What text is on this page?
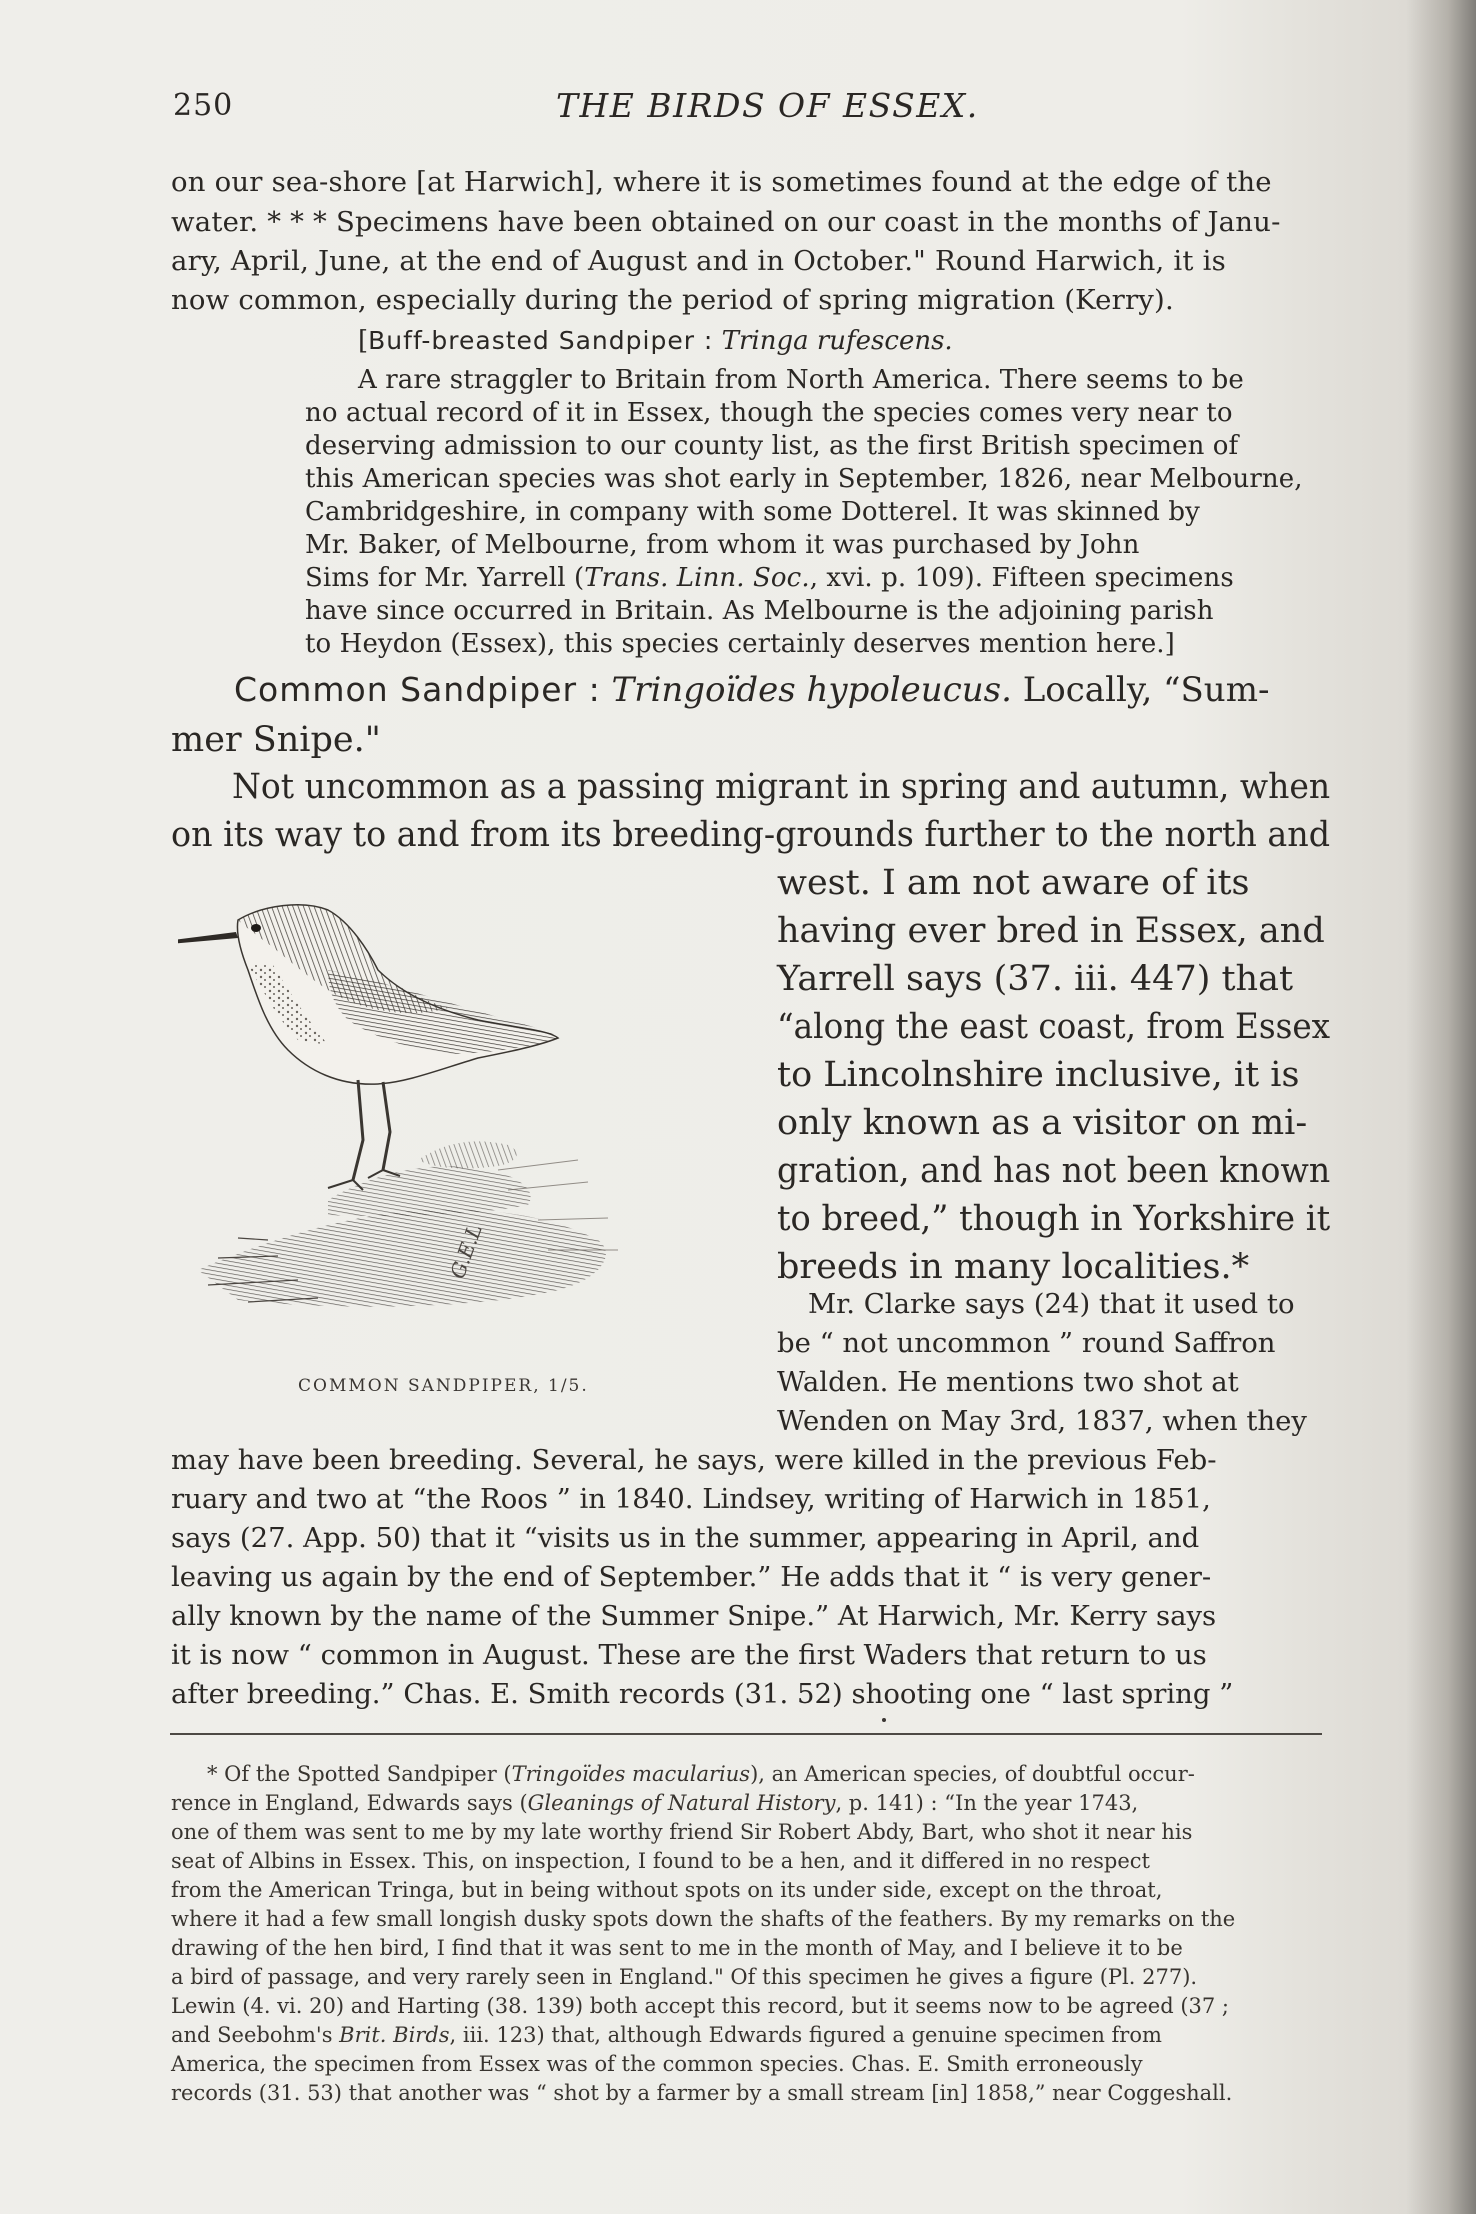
250	THE BIRDS OF ESSEX.
on our sea-shore [at Harwich], where it is sometimes found at the edge of the
water. * * * Specimens have been obtained on our coast in the months of Janu-
ary, April, June, at the end of August and in October." Round Harwich, it is
now common, especially during the period of spring migration (Kerry).
[Buff-breasted Sandpiper : Tringa rufescens.
A rare straggler to Britain from North America. There seems to be
no actual record of it in Essex, though the species comes very near to
deserving admission to our county list, as the first British specimen of
this American species was shot early in September, 1826, near Melbourne,
Cambridgeshire, in company with some Dotterel. It was skinned by
Mr. Baker, of Melbourne, from whom it was purchased by John
Sims for Mr. Yarrell (Trans. Linn. Soc., xvi. p. 109). Fifteen specimens
have since occurred in Britain. As Melbourne is the adjoining parish
to Heydon (Essex), this species certainly deserves mention here.]
Common Sandpiper : Tringoïdes hypoleucus. Locally, “Sum-
mer Snipe."
Not uncommon as a passing migrant in spring and autumn, when
on its way to and from its breeding-grounds further to the north and
west. I am not aware of its
having ever bred in Essex, and
Yarrell says (37. iii. 447) that
“along the east coast, from Essex
to Lincolnshire inclusive, it is
only known as a visitor on mi-
gration, and has not been known
to breed,” though in Yorkshire it
breeds in many localities.*
Mr. Clarke says (24) that it used to
be “ not uncommon ” round Saffron
Walden. He mentions two shot at
Wenden on May 3rd, 1837, when they
may have been breeding. Several, he says, were killed in the previous Feb-
ruary and two at “the Roos ” in 1840. Lindsey, writing of Harwich in 1851,
says (27. App. 50) that it “visits us in the summer, appearing in April, and
leaving us again by the end of September.” He adds that it “ is very gener-
ally known by the name of the Summer Snipe.” At Harwich, Mr. Kerry says
it is now “ common in August. These are the first Waders that return to us
after breeding.” Chas. E. Smith records (31. 52) shooting one “ last spring ”
G.E.L
COMMON SANDPIPER, 1/5.
* Of the Spotted Sandpiper (Tringoïdes macularius), an American species, of doubtful occur-
rence in England, Edwards says (Gleanings of Natural History, p. 141) : “In the year 1743,
one of them was sent to me by my late worthy friend Sir Robert Abdy, Bart, who shot it near his
seat of Albins in Essex. This, on inspection, I found to be a hen, and it differed in no respect
from the American Tringa, but in being without spots on its under side, except on the throat,
where it had a few small longish dusky spots down the shafts of the feathers. By my remarks on the
drawing of the hen bird, I find that it was sent to me in the month of May, and I believe it to be
a bird of passage, and very rarely seen in England." Of this specimen he gives a figure (Pl. 277).
Lewin (4. vi. 20) and Harting (38. 139) both accept this record, but it seems now to be agreed (37 ;
and Seebohm's Brit. Birds, iii. 123) that, although Edwards figured a genuine specimen from
America, the specimen from Essex was of the common species. Chas. E. Smith erroneously
records (31. 53) that another was “ shot by a farmer by a small stream [in] 1858,” near Coggeshall.
